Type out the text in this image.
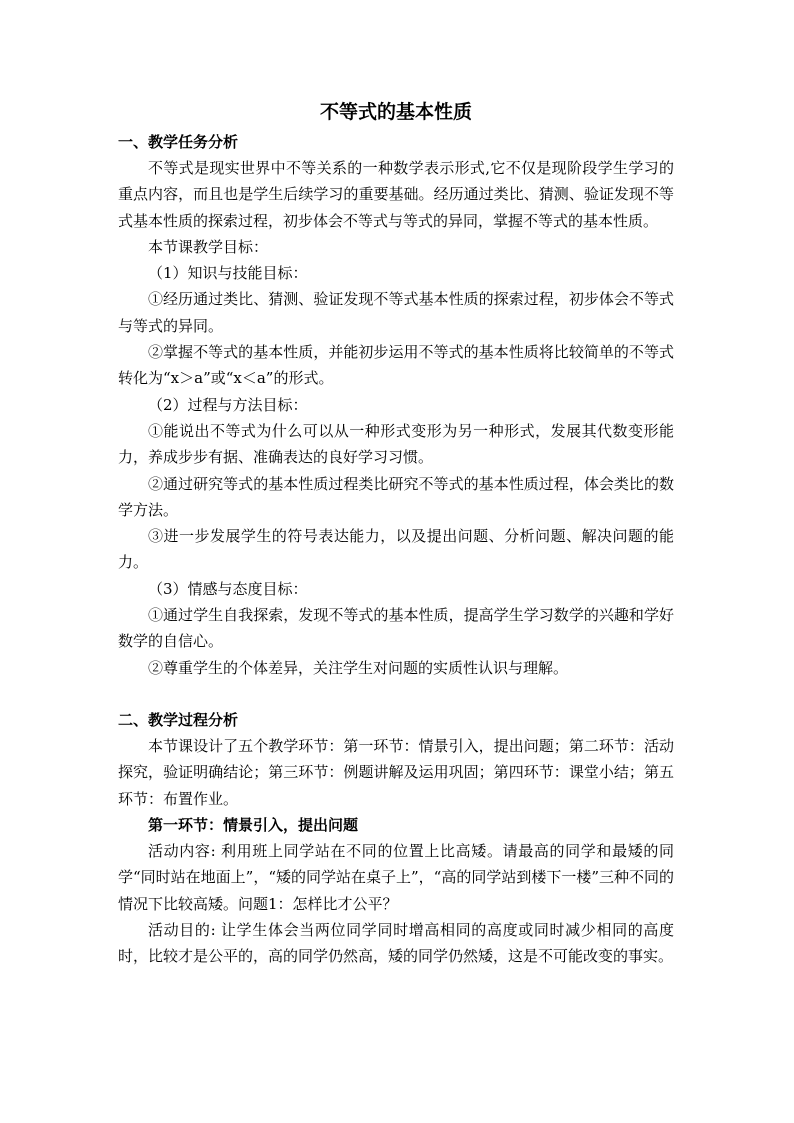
不等式的基本性质
一、教学任务分析

不等式是现实世界中不等关系的一种数学表示形式,它不仅是现阶段学生学习的重点内容，而且也是学生后续学习的重要基础。经历通过类比、猜测、验证发现不等式基本性质的探索过程，初步体会不等式与等式的异同，掌握不等式的基本性质。

本节课教学目标：

（1）知识与技能目标：

①经历通过类比、猜测、验证发现不等式基本性质的探索过程，初步体会不等式与等式的异同。

②掌握不等式的基本性质，并能初步运用不等式的基本性质将比较简单的不等式转化为“x＞a”或“x＜a”的形式。

（2）过程与方法目标：

①能说出不等式为什么可以从一种形式变形为另一种形式，发展其代数变形能力，养成步步有据、准确表达的良好学习习惯。

②通过研究等式的基本性质过程类比研究不等式的基本性质过程，体会类比的数学方法。

③进一步发展学生的符号表达能力，以及提出问题、分析问题、解决问题的能力。

（3）情感与态度目标：

①通过学生自我探索，发现不等式的基本性质，提高学生学习数学的兴趣和学好数学的自信心。

②尊重学生的个体差异，关注学生对问题的实质性认识与理解。

二、教学过程分析

本节课设计了五个教学环节：第一环节：情景引入，提出问题；第二环节：活动探究，验证明确结论；第三环节：例题讲解及运用巩固；第四环节：课堂小结；第五环节：布置作业。

第一环节：情景引入，提出问题

活动内容: 利用班上同学站在不同的位置上比高矮。请最高的同学和最矮的同学“同时站在地面上”，“矮的同学站在桌子上”，“高的同学站到楼下一楼”三种不同的情况下比较高矮。问题1：怎样比才公平？

活动目的: 让学生体会当两位同学同时增高相同的高度或同时减少相同的高度时，比较才是公平的，高的同学仍然高，矮的同学仍然矮，这是不可能改变的事实。
